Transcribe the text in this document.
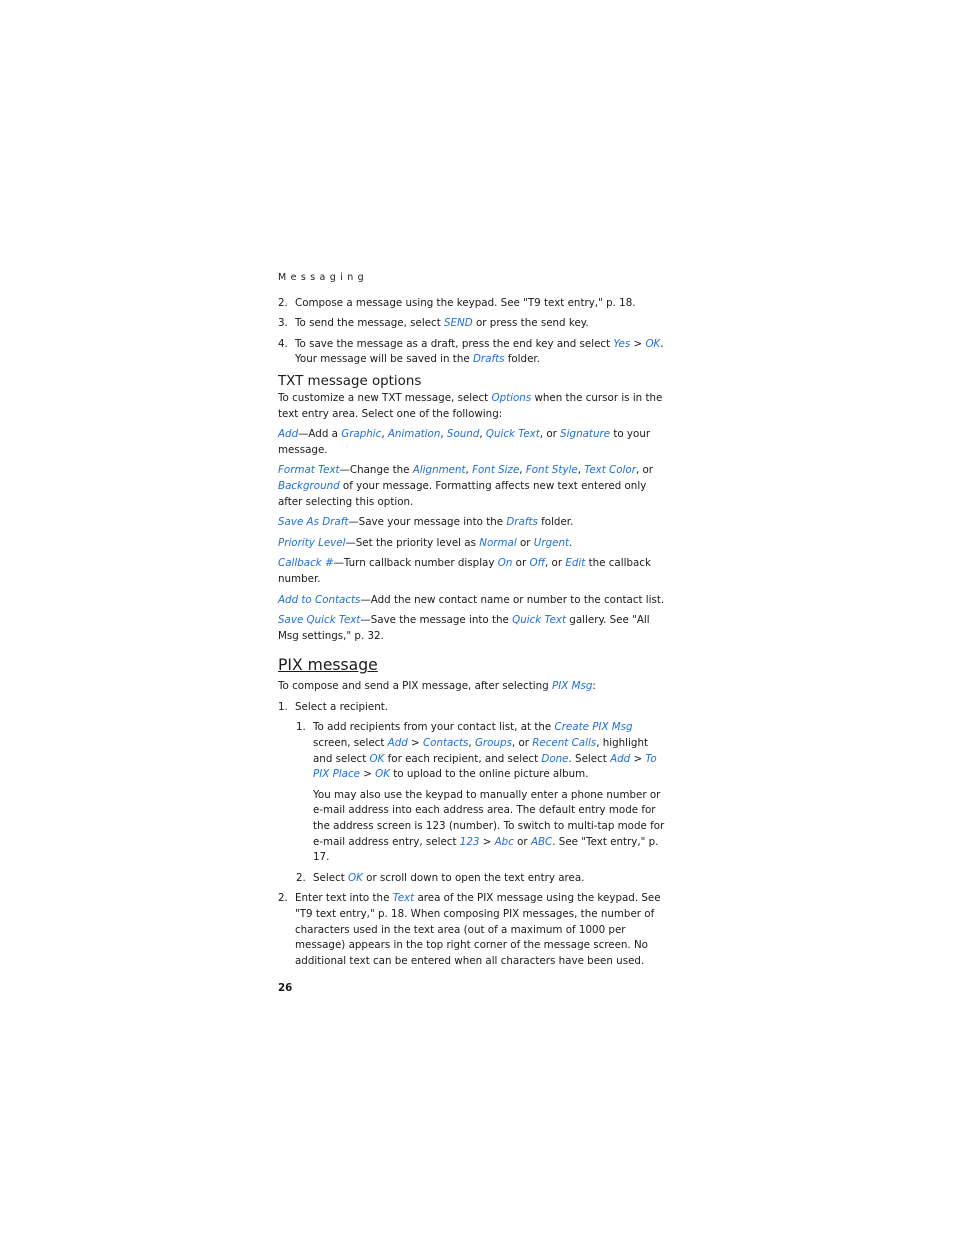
Messaging
2. Compose a message using the keypad. See "T9 text entry," p. 18.

3. To send the message, select SEND or press the send key.

4. To save the message as a draft, press the end key and select Yes > OK.
Your message will be saved in the Drafts folder.

TXT message options

To customize a new TXT message, select Options when the cursor is in the text entry area. Select one of the following:

Add—Add a Graphic, Animation, Sound, Quick Text, or Signature to your message.

Format Text—Change the Alignment, Font Size, Font Style, Text Color, or Background of your message. Formatting affects new text entered only after selecting this option.

Save As Draft—Save your message into the Drafts folder.

Priority Level—Set the priority level as Normal or Urgent.

Callback #—Turn callback number display On or Off, or Edit the callback number.

Add to Contacts—Add the new contact name or number to the contact list.

Save Quick Text—Save the message into the Quick Text gallery. See "All Msg settings," p. 32.

PIX message

To compose and send a PIX message, after selecting PIX Msg:

1. Select a recipient.

1. To add recipients from your contact list, at the Create PIX Msg screen, select Add > Contacts, Groups, or Recent Calls, highlight and select OK for each recipient, and select Done. Select Add > To PIX Place > OK to upload to the online picture album.

You may also use the keypad to manually enter a phone number or e-mail address into each address area. The default entry mode for the address screen is 123 (number). To switch to multi-tap mode for e-mail address entry, select 123 > Abc or ABC. See "Text entry," p. 17.

2. Select OK or scroll down to open the text entry area.

2. Enter text into the Text area of the PIX message using the keypad. See "T9 text entry," p. 18. When composing PIX messages, the number of characters used in the text area (out of a maximum of 1000 per message) appears in the top right corner of the message screen. No additional text can be entered when all characters have been used.

26
